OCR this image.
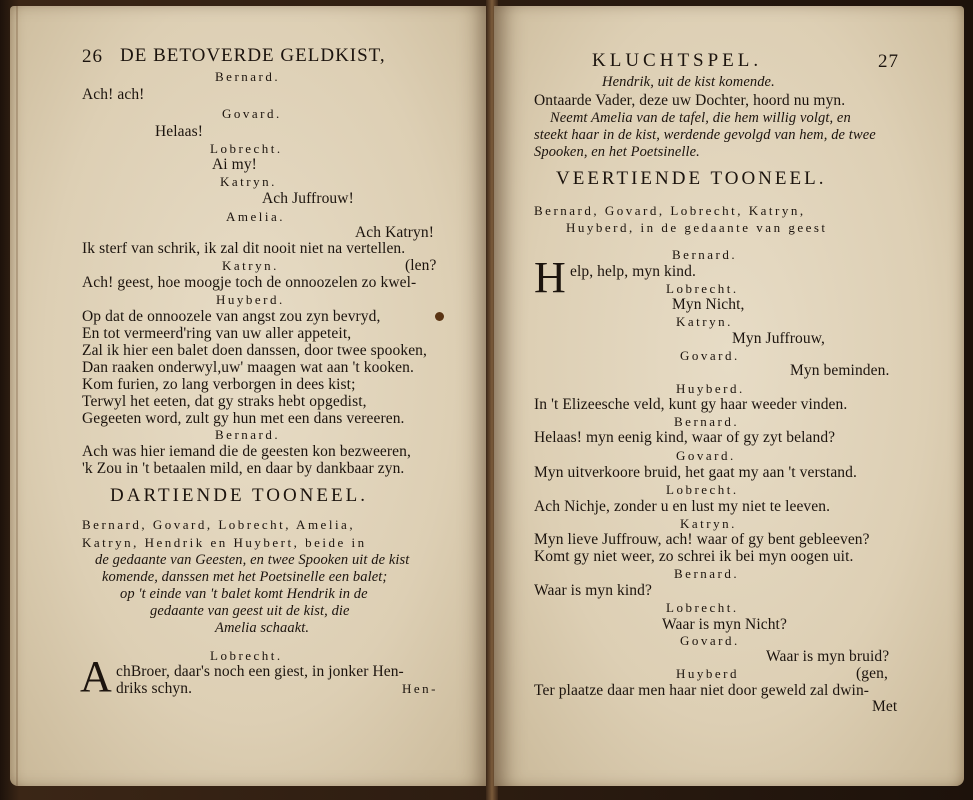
26 DE BETOVERDE GELDKIST,
Bernard.
Ach! ach!
Govard.
Helaas!
Lobrecht.
Ai my!
Katryn.
Ach Juffrouw!
Amelia.
Ach Katryn!
Ik sterf van schrik, ik zal dit nooit niet na vertellen.
Katryn.	(len?
Ach! geest, hoe moogje toch de onnoozelen zo kwel-
Huyberd.
Op dat de onnoozele van angst zou zyn bevryd,
En tot vermeerd'ring van uw aller appeteit,
Zal ik hier een balet doen danssen, door twee spooken,
Dan raaken onderwyl,uw' maagen wat aan 't kooken.
Kom furien, zo lang verborgen in dees kist;
Terwyl het eeten, dat gy straks hebt opgedist,
Gegeeten word, zult gy hun met een dans vereeren.
Bernard.
Ach was hier iemand die de geesten kon bezweeren,
'k Zou in 't betaalen mild, en daar by dankbaar zyn.
DARTIENDE TOONEEL.
Bernard, Govard, Lobrecht, Amelia,
Katryn, Hendrik en Huybert, beide in
de gedaante van Geesten, en twee Spooken uit de kist
komende, danssen met het Poetsinelle een balet;
op 't einde van 't balet komt Hendrik in de
gedaante van geest uit de kist, die
Amelia schaakt.
Lobrecht.
A chBroer, daar's noch een giest, in jonker Hen-
driks schyn.	Hen-
KLUCHTSPEL.	27
Hendrik, uit de kist komende.
Ontaarde Vader, deze uw Dochter, hoord nu myn.
Neemt Amelia van de tafel, die hem willig volgt, en
steekt haar in de kist, werdende gevolgd van hem, de twee
Spooken, en het Poetsinelle.
VEERTIENDE TOONEEL.
Bernard, Govard, Lobrecht, Katryn,
Huyberd, in de gedaante van geest
Bernard.
H elp, help, myn kind.
Lobrecht.
Myn Nicht,
Katryn.
Myn Juffrouw,
Govard.
Myn beminden.
Huyberd.
In 't Elizeesche veld, kunt gy haar weeder vinden.
Bernard.
Helaas! myn eenig kind, waar of gy zyt beland?
Govard.
Myn uitverkoore bruid, het gaat my aan 't verstand.
Lobrecht.
Ach Nichje, zonder u en lust my niet te leeven.
Katryn.
Myn lieve Juffrouw, ach! waar of gy bent gebleeven?
Komt gy niet weer, zo schrei ik bei myn oogen uit.
Bernard.
Waar is myn kind?
Lobrecht.
Waar is myn Nicht?
Govard.
Waar is myn bruid?
Huyberd	(gen,
Ter plaatze daar men haar niet door geweld zal dwin-
Met
